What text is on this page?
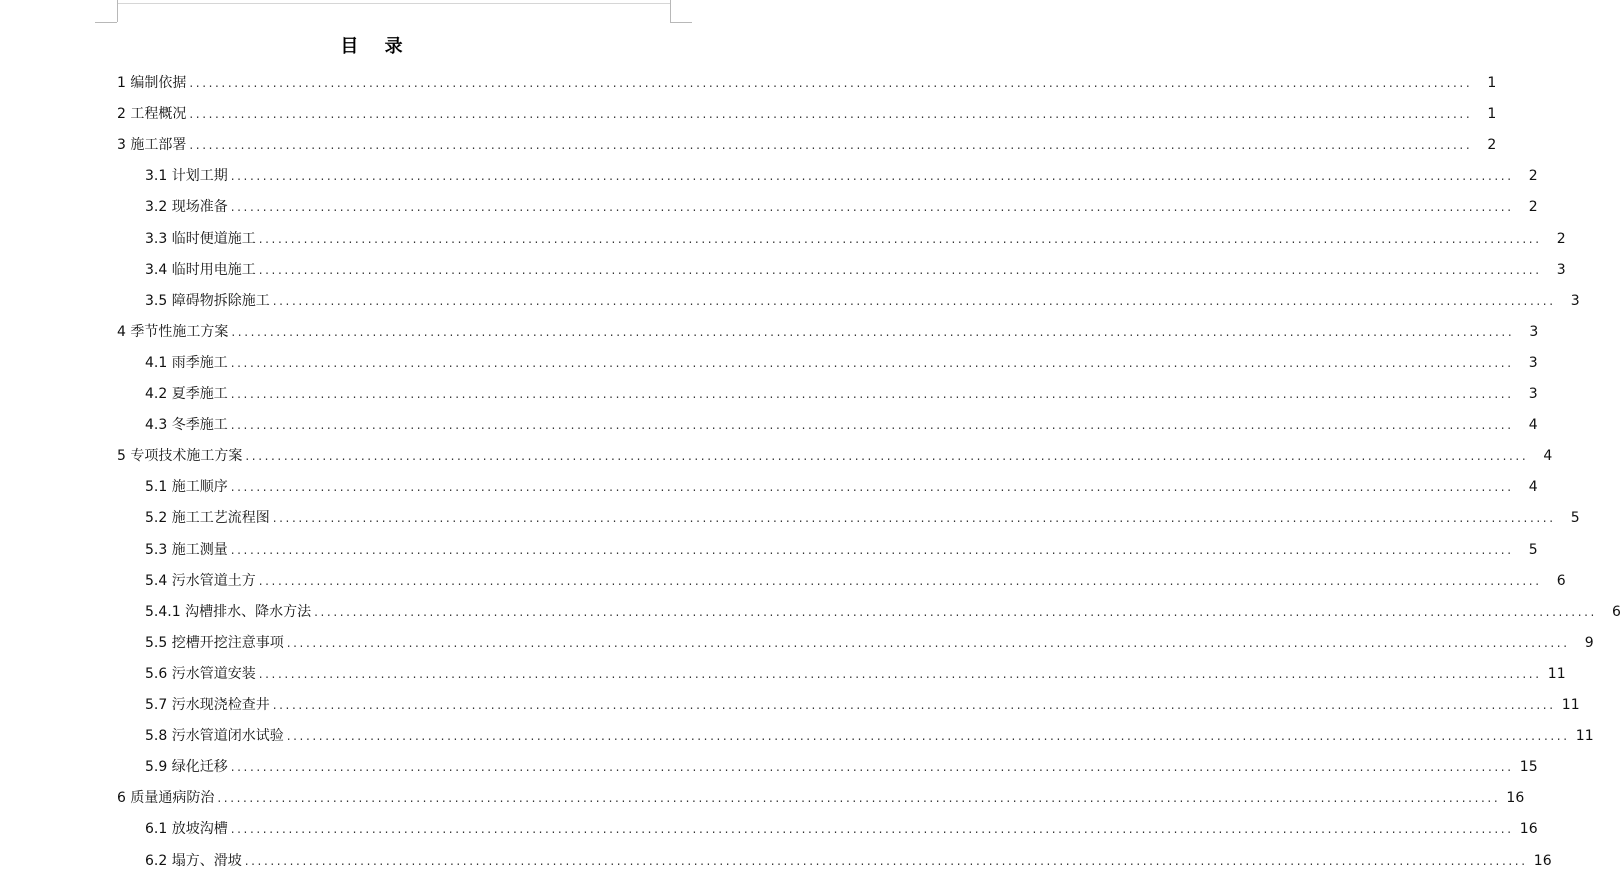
目 录
1 编制依据 ........................................................................................................................................................................................................	1
2 工程概况 ........................................................................................................................................................................................................	1
3 施工部署 ........................................................................................................................................................................................................	2
3.1 计划工期 ........................................................................................................................................................................................................	2
3.2 现场准备 ........................................................................................................................................................................................................	2
3.3 临时便道施工 ........................................................................................................................................................................................................	2
3.4 临时用电施工 ........................................................................................................................................................................................................	3
3.5 障碍物拆除施工 ........................................................................................................................................................................................................	3
4 季节性施工方案 ........................................................................................................................................................................................................	3
4.1 雨季施工 ........................................................................................................................................................................................................	3
4.2 夏季施工 ........................................................................................................................................................................................................	3
4.3 冬季施工 ........................................................................................................................................................................................................	4
5 专项技术施工方案 ........................................................................................................................................................................................................	4
5.1 施工顺序 ........................................................................................................................................................................................................	4
5.2 施工工艺流程图 ........................................................................................................................................................................................................	5
5.3 施工测量 ........................................................................................................................................................................................................	5
5.4 污水管道土方 ........................................................................................................................................................................................................	6
5.4.1 沟槽排水、降水方法 ........................................................................................................................................................................................................	6
5.5 挖槽开挖注意事项 ........................................................................................................................................................................................................	9
5.6 污水管道安装 ........................................................................................................................................................................................................ 11
5.7 污水现浇检查井 ........................................................................................................................................................................................................ 11
5.8 污水管道闭水试验 ........................................................................................................................................................................................................ 11
5.9 绿化迁移 ........................................................................................................................................................................................................ 15
6 质量通病防治 ........................................................................................................................................................................................................ 16
6.1 放坡沟槽 ........................................................................................................................................................................................................ 16
6.2 塌方、滑坡 ........................................................................................................................................................................................................ 16
